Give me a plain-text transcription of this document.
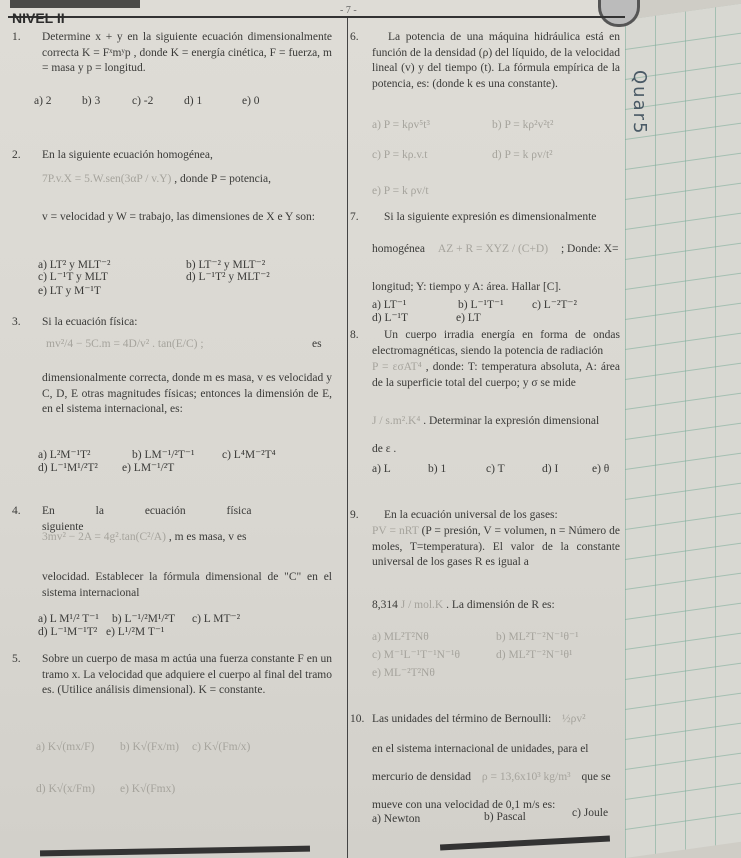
Quar5
- 7 -
NIVEL II
1. Determine x + y en la siguiente ecuación dimensionalmente correcta K = Fˣmʸp , donde K = energía cinética, F = fuerza, m = masa y p = longitud.
a) 2	b) 3	c) -2	d) 1	e) 0
2. En la siguiente ecuación homogénea,
7P.v.X = 5.W.sen(3αP / v.Y) , donde P = potencia,
v = velocidad y W = trabajo, las dimensiones de X e Y son:
a) LT² y MLT⁻²	b) LT⁻² y MLT⁻²
c) L⁻¹T y MLT	d) L⁻¹T² y MLT⁻²
e) LT y M⁻¹T
3. Si la ecuación física:
mv²/4 − 5C.m = 4D/v² . tan(E/C) ;	es
dimensionalmente correcta, donde m es masa, v es velocidad y C, D, E otras magnitudes físicas; entonces la dimensión de E, en el sistema internacional, es:
a) L²M⁻¹T²	b) LM⁻¹/²T⁻¹ c) L⁴M⁻²T⁴
d) L⁻¹M¹/²T² e) LM⁻¹/²T
4. En la ecuación física siguiente
3mv² − 2A = 4g².tan(C²/A) , m es masa, v es
velocidad. Establecer la fórmula dimensional de "C" en el sistema internacional
a) L M¹/² T⁻¹ b) L⁻¹/²M¹/²T c) L MT⁻²
d) L⁻¹M⁻¹T² e) L¹/²M T⁻¹
5. Sobre un cuerpo de masa m actúa una fuerza constante F en un tramo x. La velocidad que adquiere el cuerpo al final del tramo es. (Utilice análisis dimensional). K = constante.
a) K√(mx/F) b) K√(Fx/m) c) K√(Fm/x)
d) K√(x/Fm) e) K√(Fmx)
6.	La potencia de una máquina hidráulica está en función de la densidad (ρ) del líquido, de la velocidad lineal (v) y del tiempo (t). La fórmula empírica de la potencia, es: (donde k es una constante).
a) P = kρv⁵t³	b) P = kρ²v²t²
c) P = kρ.v.t	d) P = k ρv/t²
e) P = k ρv/t
7.	Si la siguiente expresión es dimensionalmente
homogénea AZ + R = XYZ / (C+D) ; Donde: X=
longitud; Y: tiempo y A: área. Hallar [C].
a) LT⁻¹	b) L⁻¹T⁻¹ c) L⁻²T⁻²
d) L⁻¹T	e) LT
8.	Un cuerpo irradia energía en forma de ondas electromagnéticas, siendo la potencia de radiación
P = εσAT⁴ , donde: T: temperatura absoluta, A: área de la superficie total del cuerpo; y σ se mide
J / s.m².K⁴ . Determinar la expresión dimensional
de ε .
a) L	b) 1	c) T	d) I	e) θ
9.	En la ecuación universal de los gases:
PV = nRT (P = presión, V = volumen, n = Número de moles, T=temperatura). El valor de la constante universal de los gases R es igual a
8,314 J / mol.K . La dimensión de R es:
a) ML²T²Nθ	b) ML²T⁻²N⁻¹θ⁻¹
c) M⁻¹L⁻¹T⁻¹N⁻¹θ	d) ML²T⁻²N⁻¹θ¹
e) ML⁻²T²Nθ
10. Las unidades del término de Bernoulli: ½ρv²
en el sistema internacional de unidades, para el
mercurio de densidad ρ = 13,6x10³ kg/m³ que se
mueve con una velocidad de 0,1 m/s es:
a) Newton	b) Pascal	c) Joule
